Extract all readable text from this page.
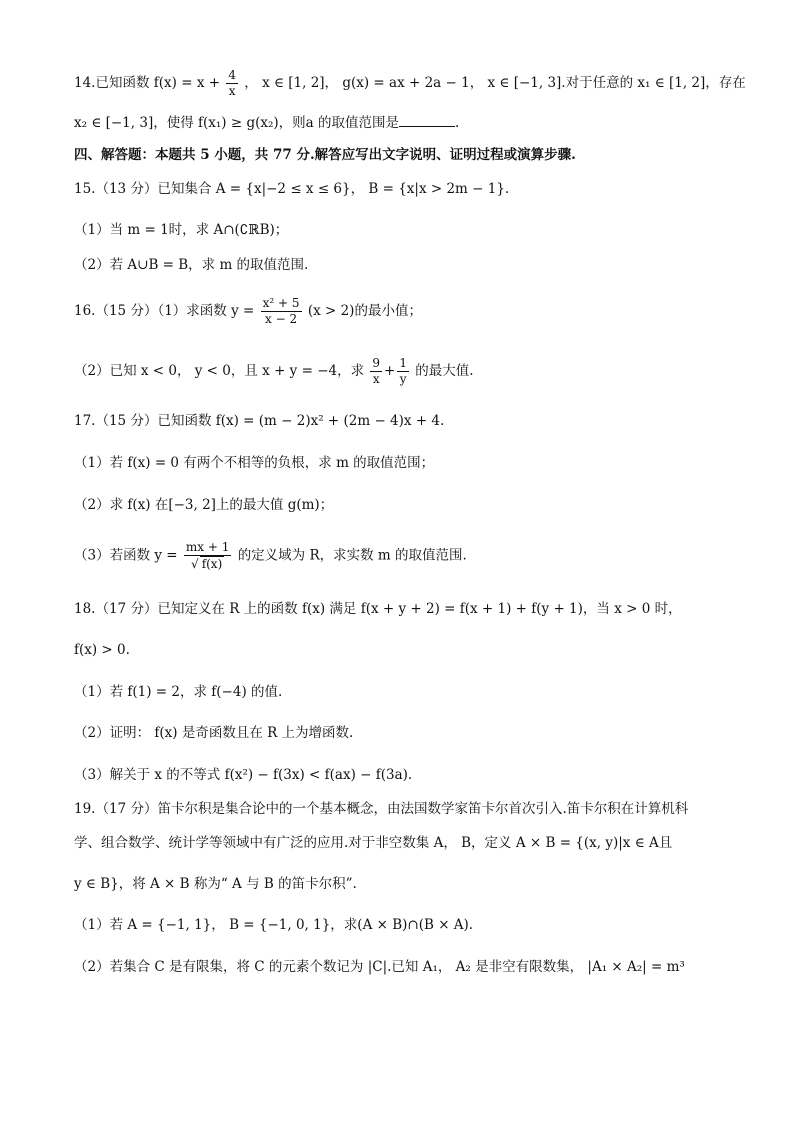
14.已知函数 $f(x) = x + \frac{4}{x}$ ， x ∈ [1, 2]， g(x) = ax + 2a − 1， x ∈ [−1, 3].对于任意的 x₁ ∈ [1, 2]，存在
x₂ ∈ [−1, 3]，使得 f(x₁) ≥ g(x₂)，则a 的取值范围是	.
四、解答题：本题共 5 小题，共 77 分.解答应写出文字说明、证明过程或演算步骤.
15.（13 分）已知集合 A = {x|−2 ≤ x ≤ 6}， B = {x|x > 2m − 1}.
（1）当 m = 1时，求 A∩(∁ℝB)；
（2）若 A∪B = B，求 m 的取值范围.
16.（15 分）（1）求函数 $y = \frac{\text{x² + 5}}{x - 2} (x > 2)$的最小值；
（2）已知 x < 0， y < 0，且 x + y = −4，求 $\frac{9}{x} + \frac{1}{y}$ 的最大值.
17.（15 分）已知函数 f(x) = (m − 2)x² + (2m − 4)x + 4.
（1）若 f(x) = 0 有两个不相等的负根，求 m 的取值范围；
（2）求 f(x) 在[−3, 2]上的最大值 g(m)；
（3）若函数 $y = \frac{mx + 1}{√ f(x)}$ 的定义域为 R，求实数 m 的取值范围.
18.（17 分）已知定义在 R 上的函数 f(x) 满足 f(x + y + 2) = f(x + 1) + f(y + 1)，当 x > 0 时，
f(x) > 0.
（1）若 f(1) = 2，求 f(−4) 的值.
（2）证明： f(x) 是奇函数且在 R 上为增函数.
（3）解关于 x 的不等式 f(x²) − f(3x) < f(ax) − f(3a).
19.（17 分）笛卡尔积是集合论中的一个基本概念，由法国数学家笛卡尔首次引入.笛卡尔积在计算机科
学、组合数学、统计学等领域中有广泛的应用.对于非空数集 A， B，定义 A × B = {(x, y)|x ∈ A且
y ∈ B}，将 A × B 称为“ A 与 B 的笛卡尔积”.
（1）若 A = {−1, 1}， B = {−1, 0, 1}，求(A × B)∩(B × A).
（2）若集合 C 是有限集，将 C 的元素个数记为 |C|.已知 A₁， A₂ 是非空有限数集， |A₁ × A₂| = m³
